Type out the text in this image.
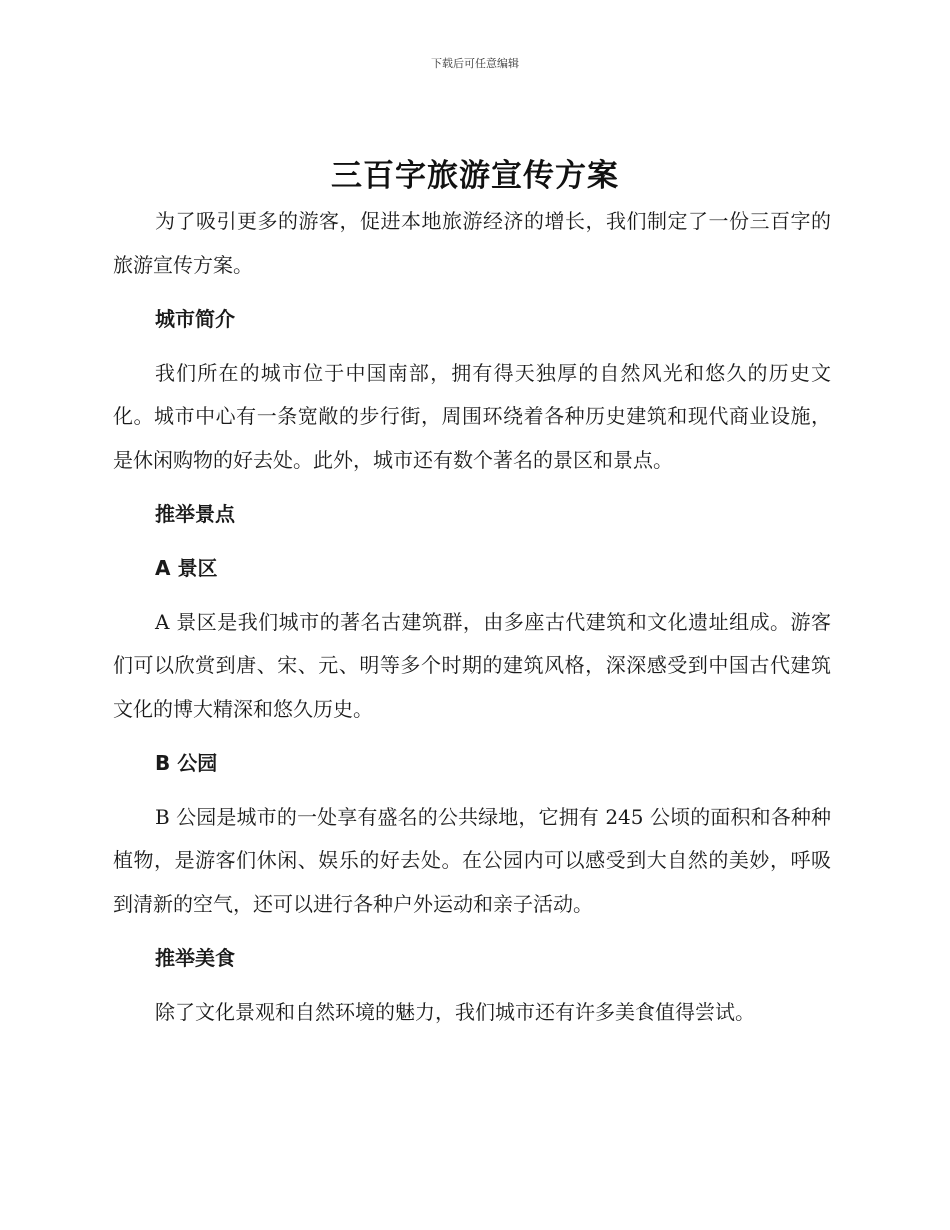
下载后可任意编辑
三百字旅游宣传方案

为了吸引更多的游客，促进本地旅游经济的增长，我们制定了一份三百字的旅游宣传方案。

城市简介

我们所在的城市位于中国南部，拥有得天独厚的自然风光和悠久的历史文化。城市中心有一条宽敞的步行街，周围环绕着各种历史建筑和现代商业设施，是休闲购物的好去处。此外，城市还有数个著名的景区和景点。

推举景点
A 景区

A 景区是我们城市的著名古建筑群，由多座古代建筑和文化遗址组成。游客们可以欣赏到唐、宋、元、明等多个时期的建筑风格，深深感受到中国古代建筑文化的博大精深和悠久历史。

B 公园

B 公园是城市的一处享有盛名的公共绿地，它拥有 245 公顷的面积和各种种植物，是游客们休闲、娱乐的好去处。在公园内可以感受到大自然的美妙，呼吸到清新的空气，还可以进行各种户外运动和亲子活动。

推举美食

除了文化景观和自然环境的魅力，我们城市还有许多美食值得尝试。
